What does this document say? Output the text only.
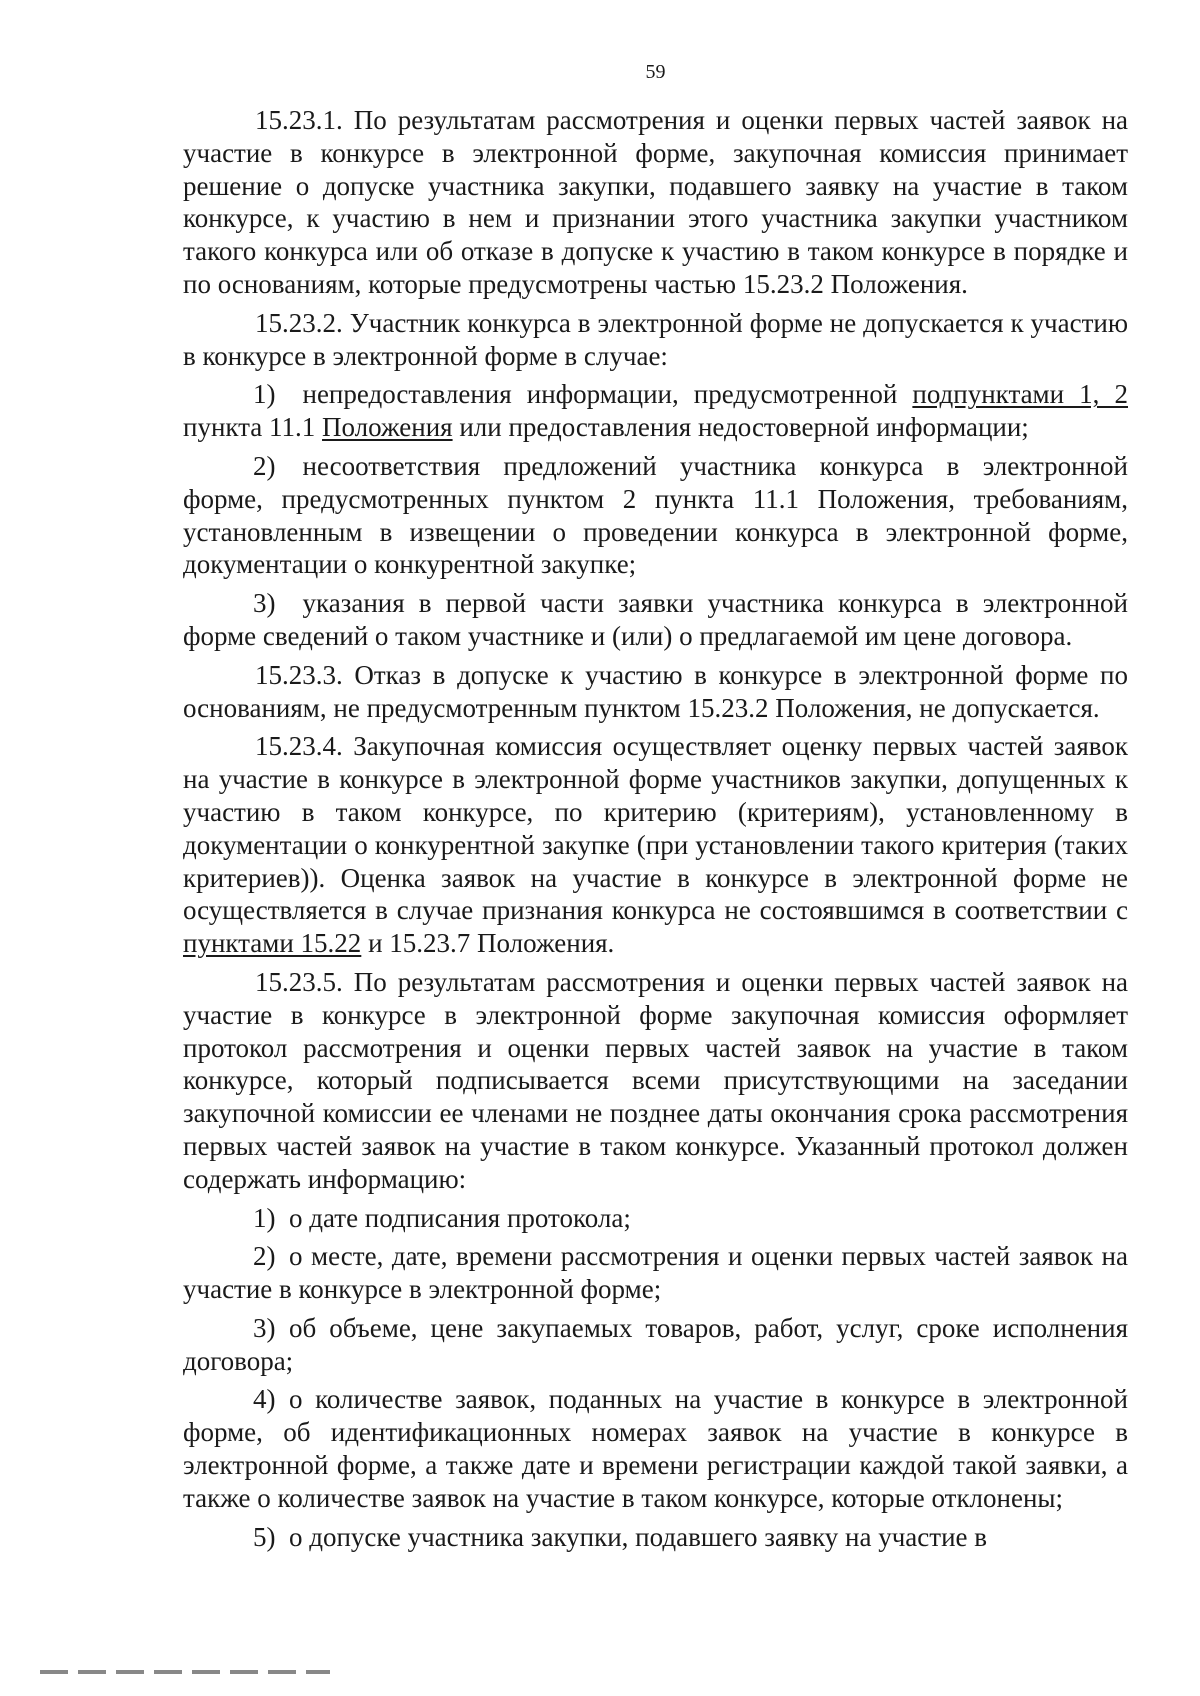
59

15.23.1. По результатам рассмотрения и оценки первых частей заявок на участие в конкурсе в электронной форме, закупочная комиссия принимает решение о допуске участника закупки, подавшего заявку на участие в таком конкурсе, к участию в нем и признании этого участника закупки участником такого конкурса или об отказе в допуске к участию в таком конкурсе в порядке и по основаниям, которые предусмотрены частью 15.23.2 Положения.

15.23.2. Участник конкурса в электронной форме не допускается к участию в конкурсе в электронной форме в случае:

1) непредоставления информации, предусмотренной подпунктами 1, 2 пункта 11.1 Положения или предоставления недостоверной информации;

2) несоответствия предложений участника конкурса в электронной форме, предусмотренных пунктом 2 пункта 11.1 Положения, требованиям, установленным в извещении о проведении конкурса в электронной форме, документации о конкурентной закупке;

3) указания в первой части заявки участника конкурса в электронной форме сведений о таком участнике и (или) о предлагаемой им цене договора.

15.23.3. Отказ в допуске к участию в конкурсе в электронной форме по основаниям, не предусмотренным пунктом 15.23.2 Положения, не допускается.

15.23.4. Закупочная комиссия осуществляет оценку первых частей заявок на участие в конкурсе в электронной форме участников закупки, допущенных к участию в таком конкурсе, по критерию (критериям), установленному в документации о конкурентной закупке (при установлении такого критерия (таких критериев)). Оценка заявок на участие в конкурсе в электронной форме не осуществляется в случае признания конкурса не состоявшимся в соответствии с пунктами 15.22 и 15.23.7 Положения.

15.23.5. По результатам рассмотрения и оценки первых частей заявок на участие в конкурсе в электронной форме закупочная комиссия оформляет протокол рассмотрения и оценки первых частей заявок на участие в таком конкурсе, который подписывается всеми присутствующими на заседании закупочной комиссии ее членами не позднее даты окончания срока рассмотрения первых частей заявок на участие в таком конкурсе. Указанный протокол должен содержать информацию:

1) о дате подписания протокола;

2) о месте, дате, времени рассмотрения и оценки первых частей заявок на участие в конкурсе в электронной форме;

3) об объеме, цене закупаемых товаров, работ, услуг, сроке исполнения договора;

4) о количестве заявок, поданных на участие в конкурсе в электронной форме, об идентификационных номерах заявок на участие в конкурсе в электронной форме, а также дате и времени регистрации каждой такой заявки, а также о количестве заявок на участие в таком конкурсе, которые отклонены;

5) о допуске участника закупки, подавшего заявку на участие в
